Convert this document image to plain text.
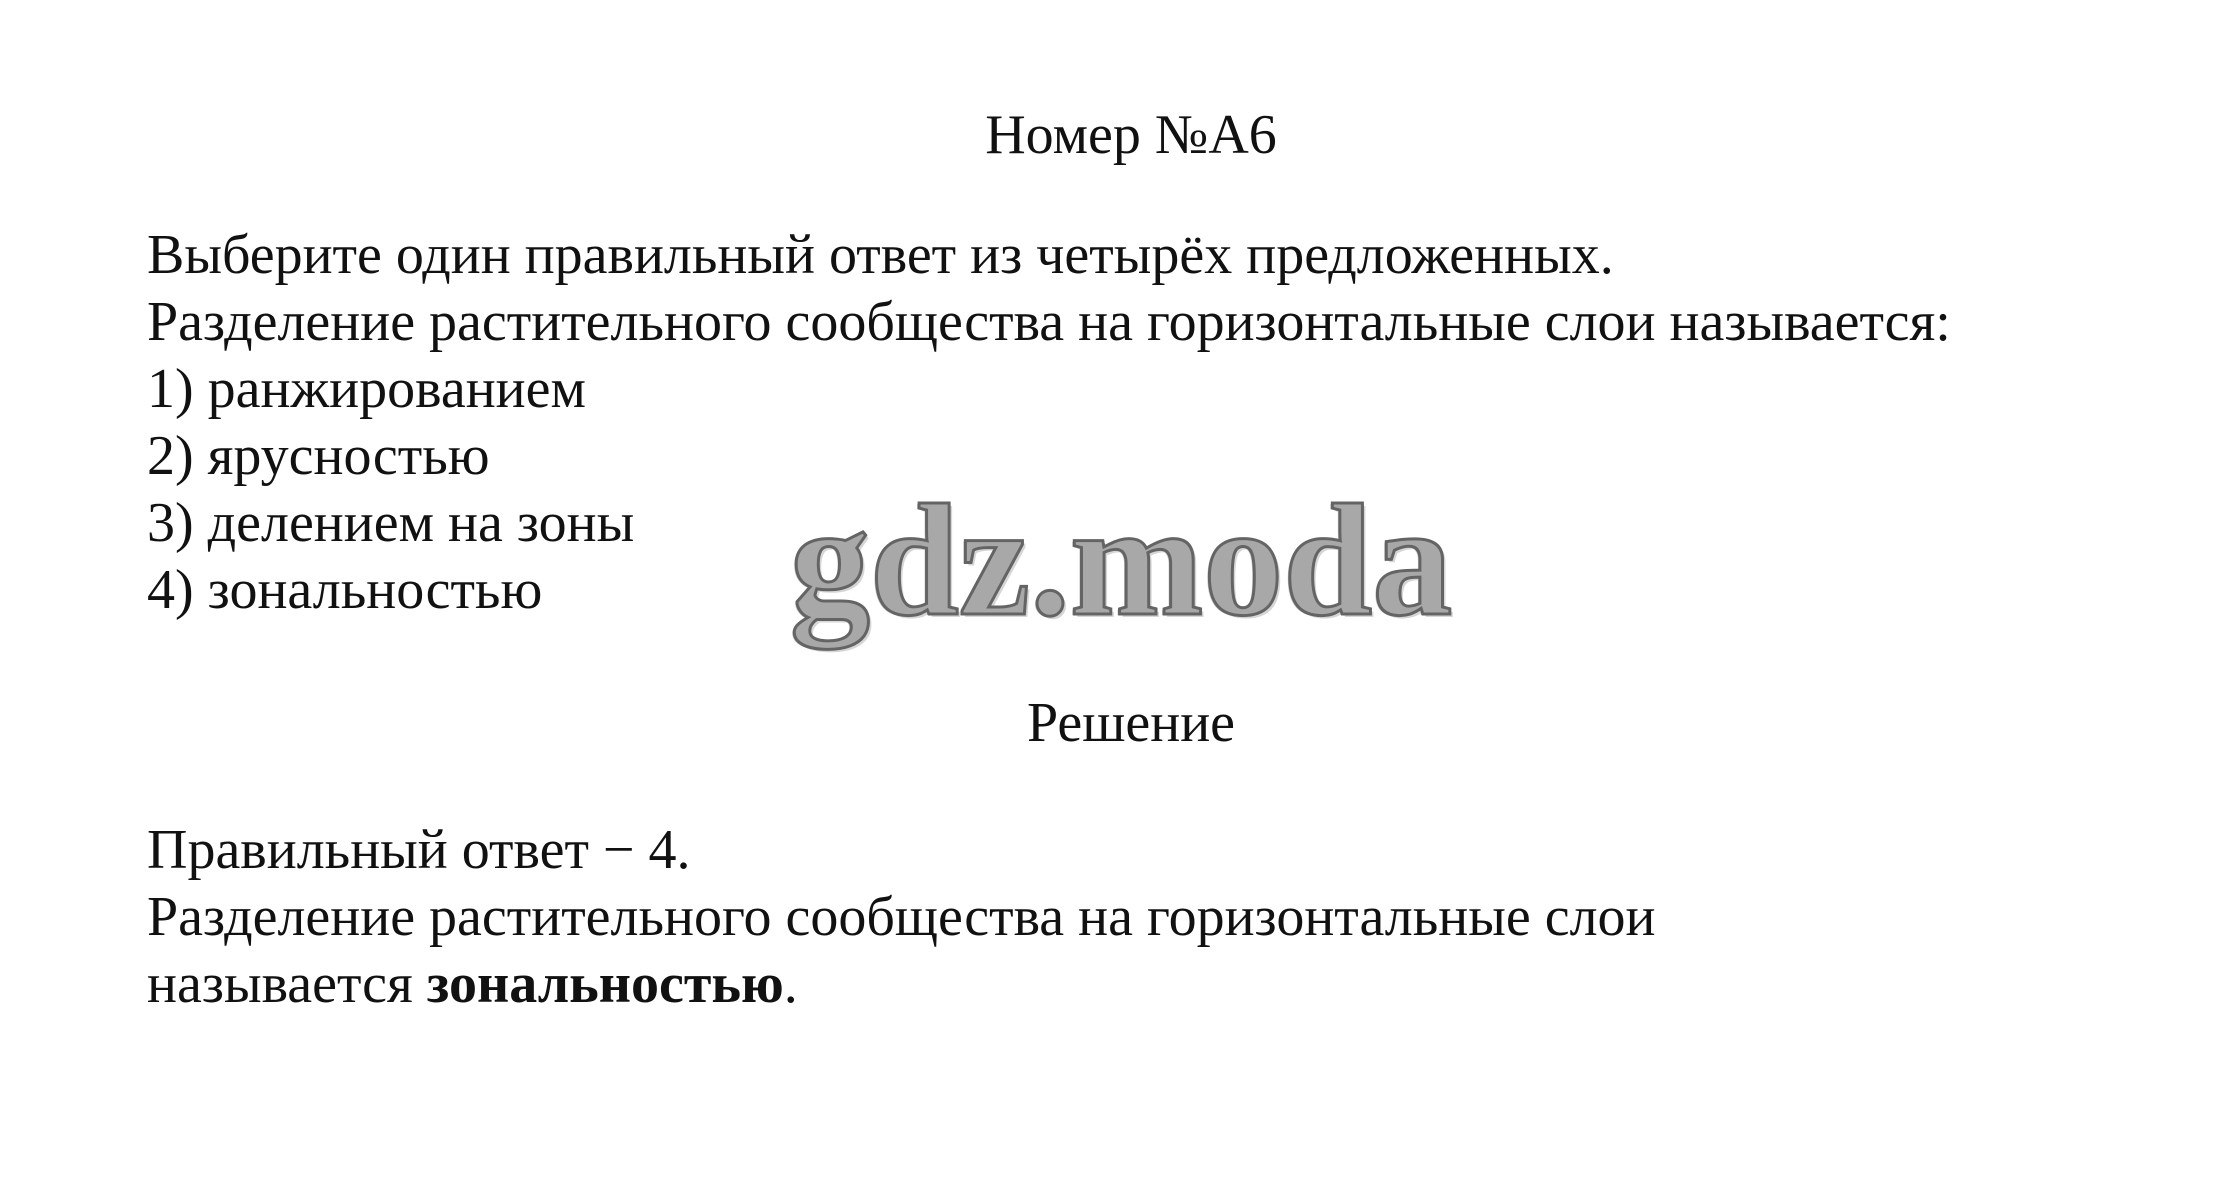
Номер №А6
Выберите один правильный ответ из четырёх предложенных.
Разделение растительного сообщества на горизонтальные слои называется:
1) ранжированием
2) ярусностью
3) делением на зоны
4) зональностью gdz.moda
Решение
Правильный ответ − 4.
Разделение растительного сообщества на горизонтальные слои
называется зональностью.
